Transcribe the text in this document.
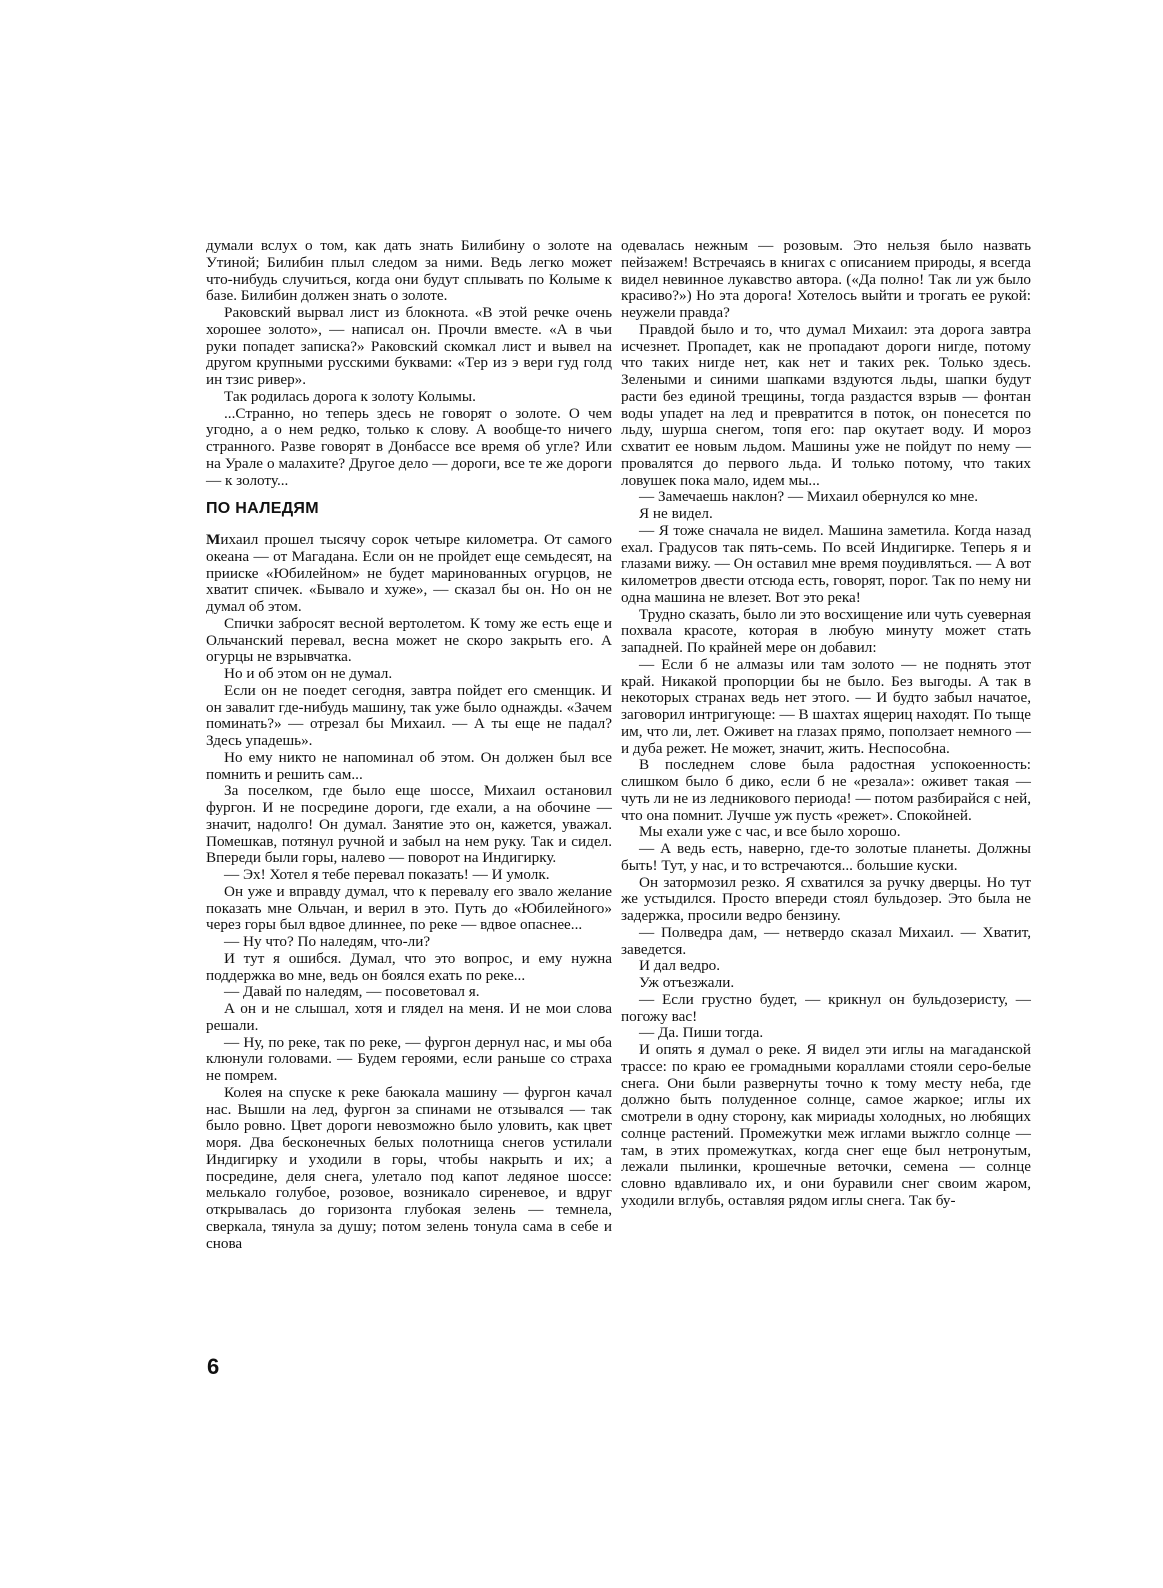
думали вслух о том, как дать знать Билибину о золоте на Утиной; Билибин плыл следом за ними. Ведь легко может что-нибудь случиться, когда они будут сплывать по Колыме к базе. Билибин должен знать о золоте.

Раковский вырвал лист из блокнота. «В этой речке очень хорошее золото», — написал он. Прочли вместе. «А в чьи руки попадет записка?» Раковский скомкал лист и вывел на другом крупными русскими буквами: «Тер из э вери гуд голд ин тзис ривер».

Так родилась дорога к золоту Колымы.

...Странно, но теперь здесь не говорят о золоте. О чем угодно, а о нем редко, только к слову. А вообще-то ничего странного. Разве говорят в Донбассе все время об угле? Или на Урале о малахите? Другое дело — дороги, все те же дороги — к золоту...

ПО НАЛЕДЯМ

Михаил прошел тысячу сорок четыре километра. От самого океана — от Магадана. Если он не пройдет еще семьдесят, на прииске «Юбилейном» не будет маринованных огурцов, не хватит спичек. «Бывало и хуже», — сказал бы он. Но он не думал об этом.

Спички забросят весной вертолетом. К тому же есть еще и Ольчанский перевал, весна может не скоро закрыть его. А огурцы не взрывчатка.

Но и об этом он не думал.

Если он не поедет сегодня, завтра пойдет его сменщик. И он завалит где-нибудь машину, так уже было однажды. «Зачем поминать?» — отрезал бы Михаил. — А ты еще не падал? Здесь упадешь».

Но ему никто не напоминал об этом. Он должен был все помнить и решить сам...

За поселком, где было еще шоссе, Михаил остановил фургон. И не посредине дороги, где ехали, а на обочине — значит, надолго! Он думал. Занятие это он, кажется, уважал. Помешкав, потянул ручной и забыл на нем руку. Так и сидел. Впереди были горы, налево — поворот на Индигирку.

— Эх! Хотел я тебе перевал показать! — И умолк.

Он уже и вправду думал, что к перевалу его звало желание показать мне Ольчан, и верил в это. Путь до «Юбилейного» через горы был вдвое длиннее, по реке — вдвое опаснее...

— Ну что? По наледям, что-ли?

И тут я ошибся. Думал, что это вопрос, и ему нужна поддержка во мне, ведь он боялся ехать по реке...

— Давай по наледям, — посоветовал я.

А он и не слышал, хотя и глядел на меня. И не мои слова решали.

— Ну, по реке, так по реке, — фургон дернул нас, и мы оба клюнули головами. — Будем героями, если раньше со страха не помрем.

Колея на спуске к реке баюкала машину — фургон качал нас. Вышли на лед, фургон за спинами не отзывался — так было ровно. Цвет дороги невозможно было уловить, как цвет моря. Два бесконечных белых полотнища снегов устилали Индигирку и уходили в горы, чтобы накрыть и их; а посредине, деля снега, улетало под капот ледяное шоссе: мелькало голубое, розовое, возникало сиреневое, и вдруг открывалась до горизонта глубокая зелень — темнела, сверкала, тянула за душу; потом зелень тонула сама в себе и снова

одевалась нежным — розовым. Это нельзя было назвать пейзажем! Встречаясь в книгах с описанием природы, я всегда видел невинное лукавство автора. («Да полно! Так ли уж было красиво?») Но эта дорога! Хотелось выйти и трогать ее рукой: неужели правда?

Правдой было и то, что думал Михаил: эта дорога завтра исчезнет. Пропадет, как не пропадают дороги нигде, потому что таких нигде нет, как нет и таких рек. Только здесь. Зелеными и синими шапками вздуются льды, шапки будут расти без единой трещины, тогда раздастся взрыв — фонтан воды упадет на лед и превратится в поток, он понесется по льду, шурша снегом, топя его: пар окутает воду. И мороз схватит ее новым льдом. Машины уже не пойдут по нему — провалятся до первого льда. И только потому, что таких ловушек пока мало, идем мы...

— Замечаешь наклон? — Михаил обернулся ко мне.

Я не видел.

— Я тоже сначала не видел. Машина заметила. Когда назад ехал. Градусов так пять-семь. По всей Индигирке. Теперь я и глазами вижу. — Он оставил мне время поудивляться. — А вот километров двести отсюда есть, говорят, порог. Так по нему ни одна машина не влезет. Вот это река!

Трудно сказать, было ли это восхищение или чуть суеверная похвала красоте, которая в любую минуту может стать западней. По крайней мере он добавил:

— Если б не алмазы или там золото — не поднять этот край. Никакой пропорции бы не было. Без выгоды. А так в некоторых странах ведь нет этого. — И будто забыл начатое, заговорил интригующе: — В шахтах ящериц находят. По тыще им, что ли, лет. Оживет на глазах прямо, поползает немного — и дуба режет. Не может, значит, жить. Неспособна.

В последнем слове была радостная успокоенность: слишком было б дико, если б не «резала»: оживет такая — чуть ли не из ледникового периода! — потом разбирайся с ней, что она помнит. Лучше уж пусть «режет». Спокойней.

Мы ехали уже с час, и все было хорошо.

— А ведь есть, наверно, где-то золотые планеты. Должны быть! Тут, у нас, и то встречаются... большие куски.

Он затормозил резко. Я схватился за ручку дверцы. Но тут же устыдился. Просто впереди стоял бульдозер. Это была не задержка, просили ведро бензину.

— Полведра дам, — нетвердо сказал Михаил. — Хватит, заведется.

И дал ведро.

Уж отъезжали.

— Если грустно будет, — крикнул он бульдозеристу, — погожу вас!

— Да. Пиши тогда.

И опять я думал о реке. Я видел эти иглы на магаданской трассе: по краю ее громадными кораллами стояли серо-белые снега. Они были развернуты точно к тому месту неба, где должно быть полуденное солнце, самое жаркое; иглы их смотрели в одну сторону, как мириады холодных, но любящих солнце растений. Промежутки меж иглами выжгло солнце — там, в этих промежутках, когда снег еще был нетронутым, лежали пылинки, крошечные веточки, семена — солнце словно вдавливало их, и они буравили снег своим жаром, уходили вглубь, оставляя рядом иглы снега. Так бу-

6
